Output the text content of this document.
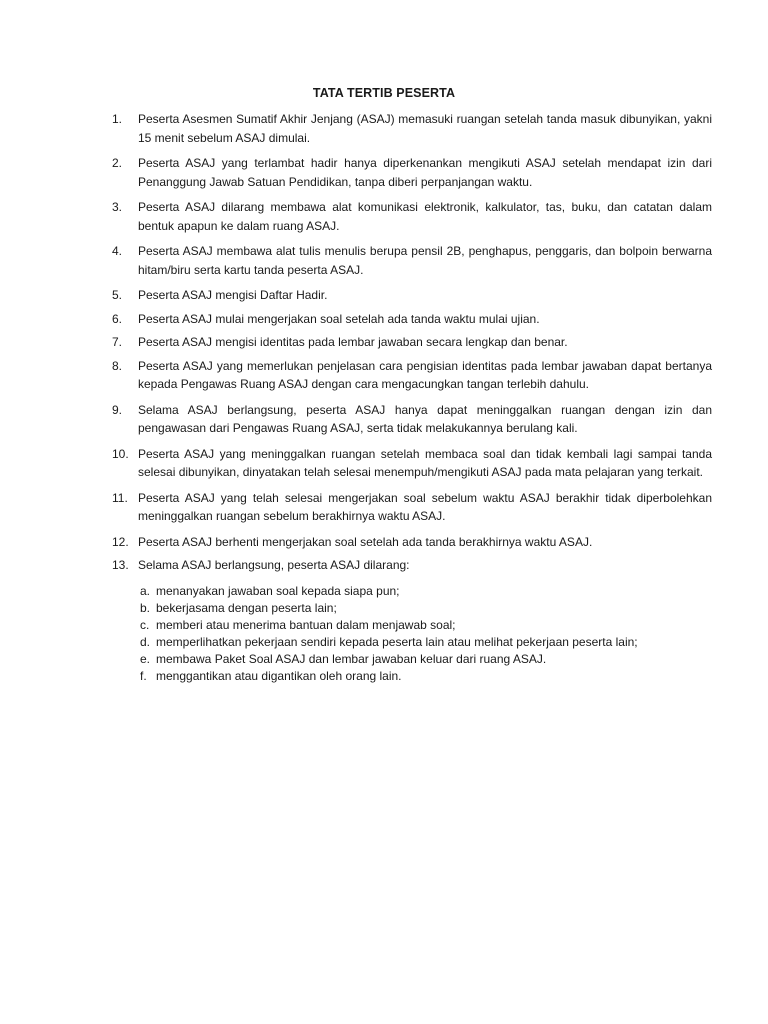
TATA TERTIB PESERTA
1.	Peserta Asesmen Sumatif Akhir Jenjang (ASAJ) memasuki ruangan setelah tanda masuk dibunyikan, yakni 15 menit sebelum ASAJ dimulai.
2.	Peserta ASAJ yang terlambat hadir hanya diperkenankan mengikuti ASAJ setelah mendapat izin dari Penanggung Jawab Satuan Pendidikan, tanpa diberi perpanjangan waktu.
3.	Peserta ASAJ dilarang membawa alat komunikasi elektronik, kalkulator, tas, buku, dan catatan dalam bentuk apapun ke dalam ruang ASAJ.
4.	Peserta ASAJ membawa alat tulis menulis berupa pensil 2B, penghapus, penggaris, dan bolpoin berwarna hitam/biru serta kartu tanda peserta ASAJ.
5.	Peserta ASAJ mengisi Daftar Hadir.
6.	Peserta ASAJ mulai mengerjakan soal setelah ada tanda waktu mulai ujian.
7.	Peserta ASAJ mengisi identitas pada lembar jawaban secara lengkap dan benar.
8.	Peserta ASAJ yang memerlukan penjelasan cara pengisian identitas pada lembar jawaban dapat bertanya kepada Pengawas Ruang ASAJ dengan cara mengacungkan tangan terlebih dahulu.
9.	Selama ASAJ berlangsung, peserta ASAJ hanya dapat meninggalkan ruangan dengan izin dan pengawasan dari Pengawas Ruang ASAJ, serta tidak melakukannya berulang kali.
10. Peserta ASAJ yang meninggalkan ruangan setelah membaca soal dan tidak kembali lagi sampai tanda selesai dibunyikan, dinyatakan telah selesai menempuh/mengikuti ASAJ pada mata pelajaran yang terkait.
11. Peserta ASAJ yang telah selesai mengerjakan soal sebelum waktu ASAJ berakhir tidak diperbolehkan meninggalkan ruangan sebelum berakhirnya waktu ASAJ.
12. Peserta ASAJ berhenti mengerjakan soal setelah ada tanda berakhirnya waktu ASAJ.
13. Selama ASAJ berlangsung, peserta ASAJ dilarang:
a. menanyakan jawaban soal kepada siapa pun;
b. bekerjasama dengan peserta lain;
c. memberi atau menerima bantuan dalam menjawab soal;
d. memperlihatkan pekerjaan sendiri kepada peserta lain atau melihat pekerjaan peserta lain;
e. membawa Paket Soal ASAJ dan lembar jawaban keluar dari ruang ASAJ.
f. menggantikan atau digantikan oleh orang lain.
